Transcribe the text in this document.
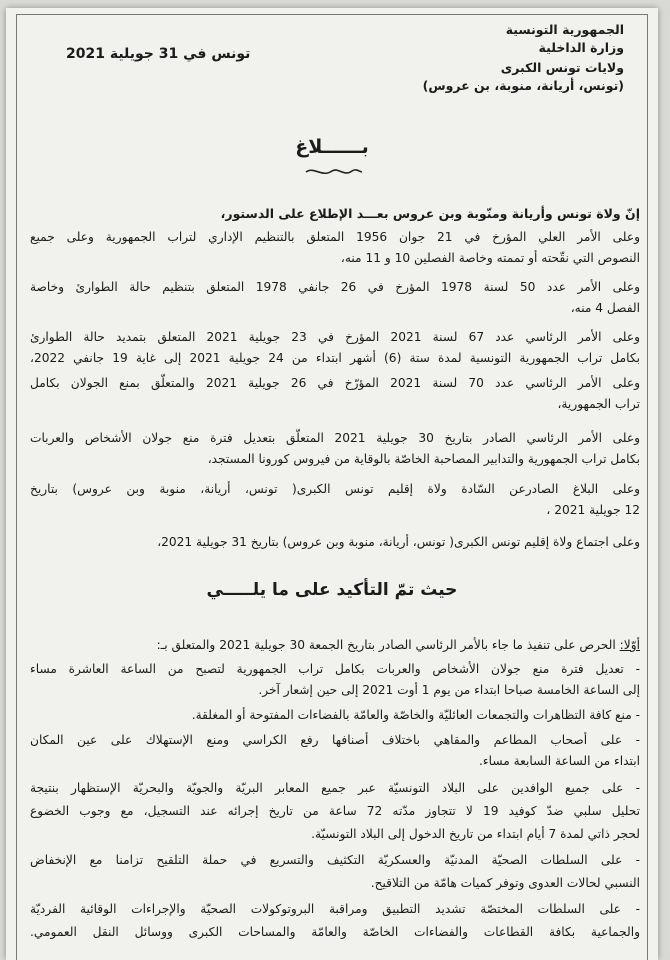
الجمهورية التونسية
وزارة الداخلية
ولايات تونس الكبرى
(تونس، أريانة، منوبة، بن عروس)
تونس في 31 جويلية 2021
بــــــلاغ
إنّ ولاة تونس وأريانة ومنّوبة وبن عروس بعـــد الإطلاع على الدستور،
وعلى الأمر العلي المؤرخ في 21 جوان 1956 المتعلق بالتنظيم الإداري لتراب الجمهورية وعلى جميع
النصوص التي نقّحته أو تممته وخاصة الفصلين 10 و 11 منه،
وعلى الأمر عدد 50 لسنة 1978 المؤرخ في 26 جانفي 1978 المتعلق بتنظيم حالة الطوارئ وخاصة
الفصل 4 منه،
وعلى الأمر الرئاسي عدد 67 لسنة 2021 المؤرخ في 23 جويلية 2021 المتعلق بتمديد حالة الطوارئ
بكامل تراب الجمهورية التونسية لمدة ستة (6) أشهر ابتداء من 24 جويلية 2021 إلى غاية 19 جانفي 2022،
وعلى الأمر الرئاسي عدد 70 لسنة 2021 المؤرّخ في 26 جويلية 2021 والمتعلّق بمنع الجولان بكامل
تراب الجمهورية،
وعلى الأمر الرئاسي الصادر بتاريخ 30 جويلية 2021 المتعلّق بتعديل فترة منع جولان الأشخاص والعربات
بكامل تراب الجمهورية والتدابير المصاحبة الخاصّة بالوقاية من فيروس كورونا المستجد،
وعلى البلاغ الصادرعن السّادة ولاة إقليم تونس الكبرى( تونس، أريانة، منوبة وبن عروس) بتاريخ
12 جويلية 2021 ،
وعلى اجتماع ولاة إقليم تونس الكبرى( تونس، أريانة، منوبة وبن عروس) بتاريخ 31 جويلية 2021،
حيث تمّ التأكيد على ما يلـــــي
أوّلا: الحرص على تنفيذ ما جاء بالأمر الرئاسي الصادر بتاريخ الجمعة 30 جويلية 2021 والمتعلق بـ:
- تعديل فترة منع جولان الأشخاص والعربات بكامل تراب الجمهورية لتصبح من الساعة العاشرة مساء
إلى الساعة الخامسة صباحا ابتداء من يوم 1 أوت 2021 إلى حين إشعار آخر.
- منع كافة التظاهرات والتجمعات العائليّة والخاصّة والعامّة بالفضاءات المفتوحة أو المغلقة.
- على أصحاب المطاعم والمقاهي باختلاف أصنافها رفع الكراسي ومنع الإستهلاك على عين المكان
ابتداء من الساعة السابعة مساء.
- على جميع الوافدين على البلاد التونسيّة عبر جميع المعابر البريّة والجويّة والبحريّة الإستظهار بنتيجة
تحليل سلبي ضدّ كوفيد 19 لا تتجاوز مدّته 72 ساعة من تاريخ إجرائه عند التسجيل، مع وجوب الخضوع
لحجر ذاتي لمدة 7 أيام ابتداء من تاريخ الدخول إلى البلاد التونسيّة.
- على السلطات الصحيّة المدنيّة والعسكريّة التكثيف والتسريع في حملة التلقيح تزامنا مع الإنخفاض
النسبي لحالات العدوى وتوفر كميات هامّة من التلاقيح.
- على السلطات المختصّة تشديد التطبيق ومراقبة البروتوكولات الصحيّة والإجراءات الوقائية الفرديّة
والجماعية بكافة القطاعات والفضاءات الخاصّة والعامّة والمساحات الكبرى ووسائل النقل العمومي.
